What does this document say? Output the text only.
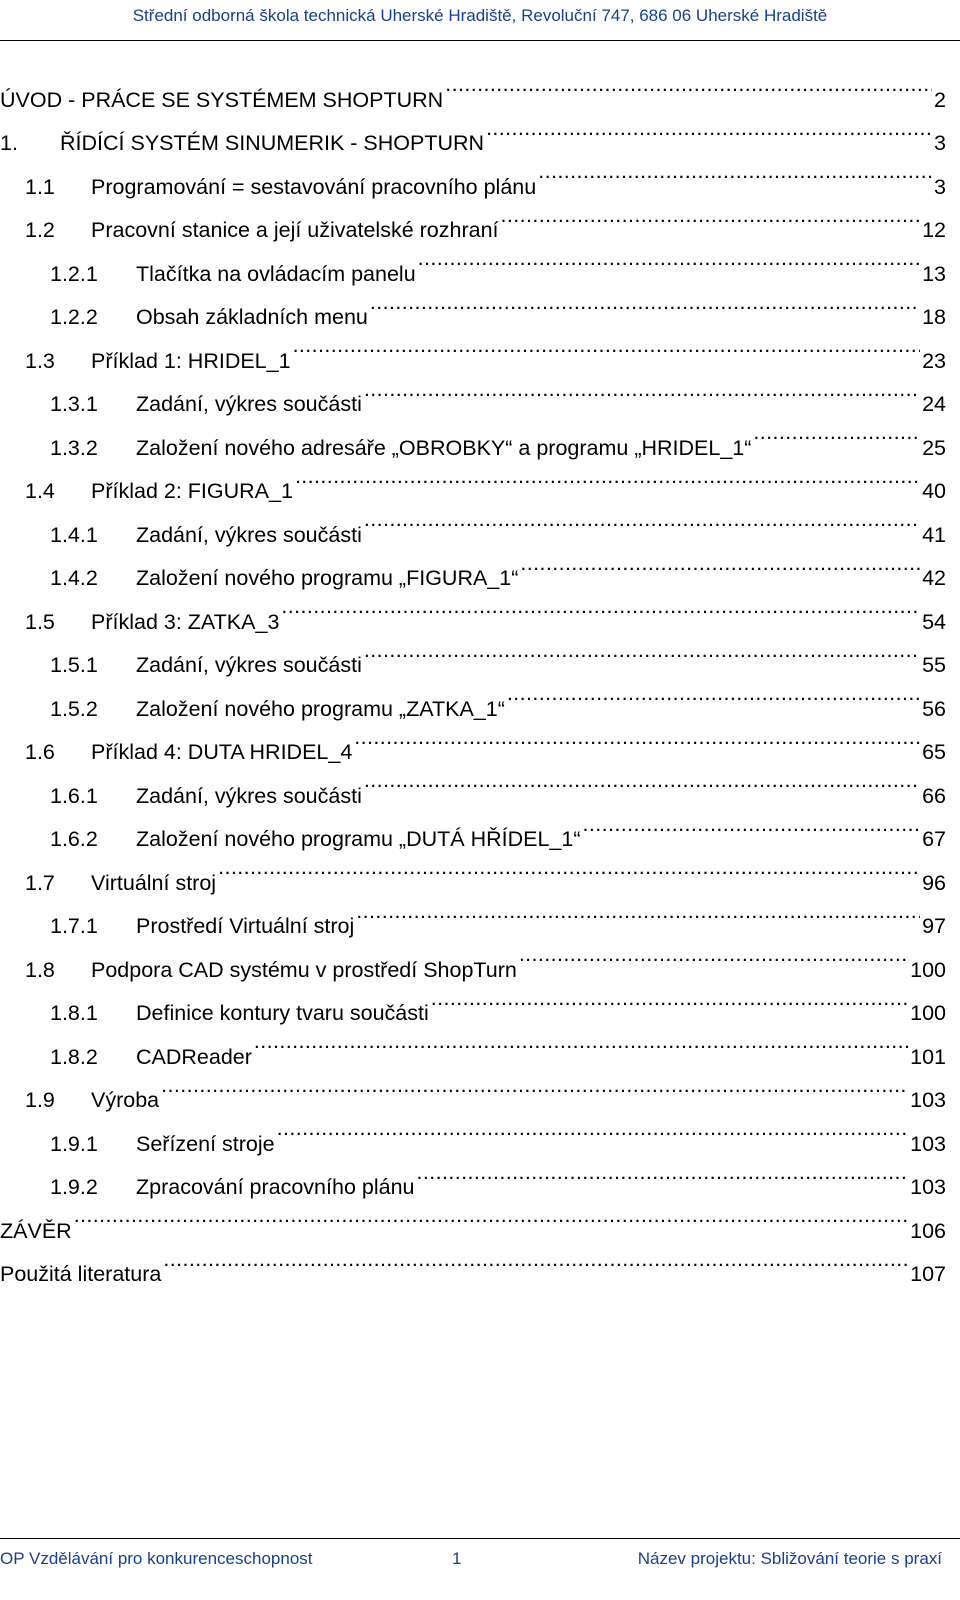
Střední odborná škola technická Uherské Hradiště, Revoluční 747, 686 06 Uherské Hradiště
ÚVOD - PRÁCE SE SYSTÉMEM SHOPTURN .....	2
1.	ŘÍDÍCÍ SYSTÉM SINUMERIK - SHOPTURN .....	3
1.1	Programování = sestavování pracovního plánu .....	3
1.2	Pracovní stanice a její uživatelské rozhraní .....	12
1.2.1	Tlačítka na ovládacím panelu .....	13
1.2.2	Obsah základních menu .....	18
1.3	Příklad 1: HRIDEL_1 .....	23
1.3.1	Zadání, výkres součásti .....	24
1.3.2	Založení nového adresáře „OBROBKY“ a programu „HRIDEL_1“ .....	25
1.4	Příklad 2: FIGURA_1 .....	40
1.4.1	Zadání, výkres součásti .....	41
1.4.2	Založení nového programu „FIGURA_1“ .....	42
1.5	Příklad 3: ZATKA_3 .....	54
1.5.1	Zadání, výkres součásti .....	55
1.5.2	Založení nového programu „ZATKA_1“ .....	56
1.6	Příklad 4: DUTA HRIDEL_4 .....	65
1.6.1	Zadání, výkres součásti .....	66
1.6.2	Založení nového programu „DUTÁ HŘÍDEL_1“ .....	67
1.7	Virtuální stroj .....	96
1.7.1	Prostředí Virtuální stroj .....	97
1.8	Podpora CAD systému v prostředí ShopTurn .....	100
1.8.1	Definice kontury tvaru součásti .....	100
1.8.2	CADReader .....	101
1.9	Výroba .....	103
1.9.1	Seřízení stroje .....	103
1.9.2	Zpracování pracovního plánu .....	103
ZÁVĚR .....	106
Použitá literatura .....	107
OP Vzdělávání pro konkurenceschopnost	1	Název projektu: Sbližování teorie s praxí
